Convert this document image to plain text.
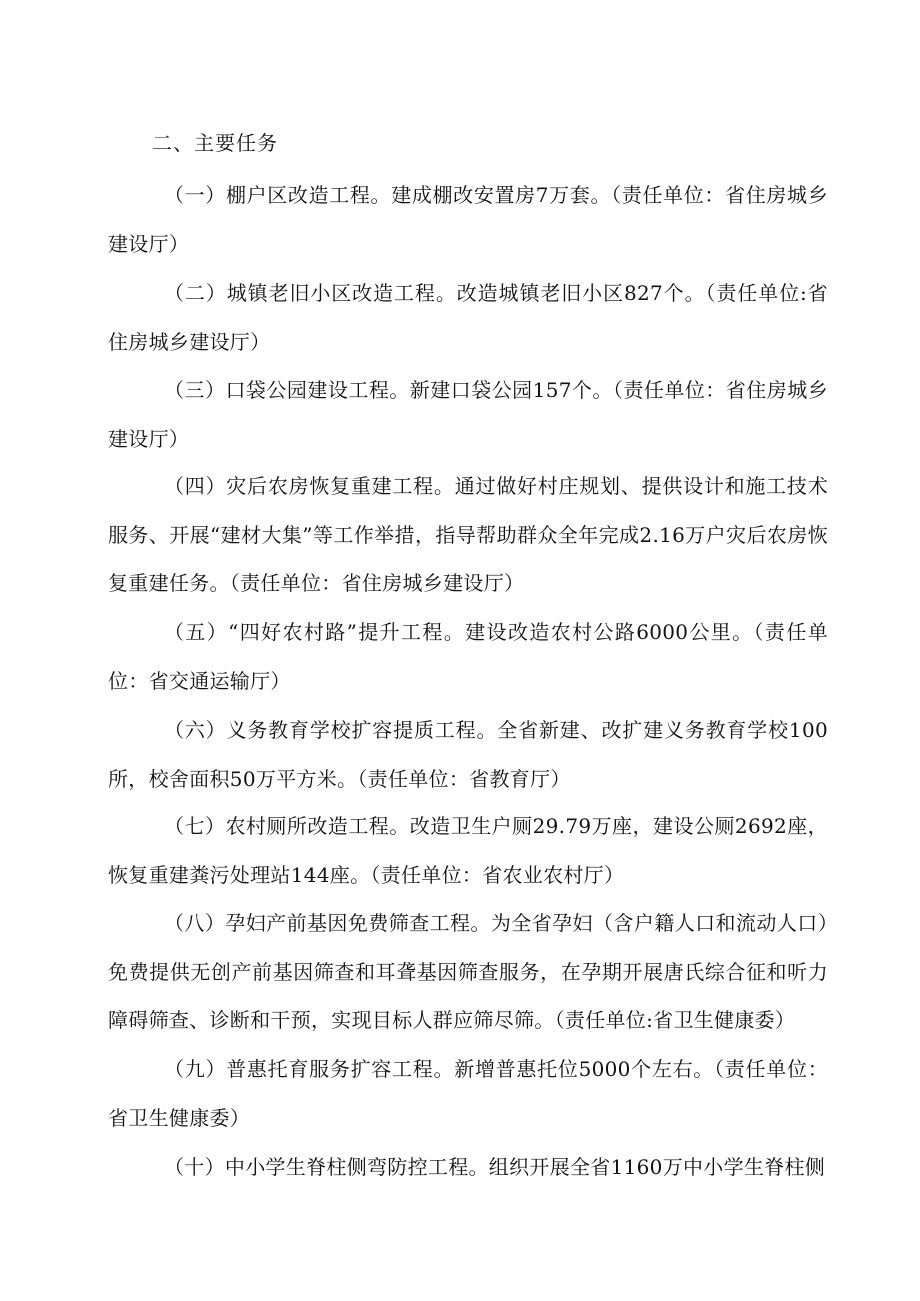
二、主要任务
（一）棚户区改造工程。建成棚改安置房7万套。（责任单位：省住房城乡建设厅）
（二）城镇老旧小区改造工程。改造城镇老旧小区827个。（责任单位:省住房城乡建设厅）
（三）口袋公园建设工程。新建口袋公园157个。（责任单位：省住房城乡建设厅）
（四）灾后农房恢复重建工程。通过做好村庄规划、提供设计和施工技术服务、开展“建材大集”等工作举措，指导帮助群众全年完成2.16万户灾后农房恢复重建任务。（责任单位：省住房城乡建设厅）
（五）“四好农村路”提升工程。建设改造农村公路6000公里。（责任单位：省交通运输厅）
（六）义务教育学校扩容提质工程。全省新建、改扩建义务教育学校100所，校舍面积50万平方米。（责任单位：省教育厅）
（七）农村厕所改造工程。改造卫生户厕29.79万座，建设公厕2692座，恢复重建粪污处理站144座。（责任单位：省农业农村厅）
（八）孕妇产前基因免费筛查工程。为全省孕妇（含户籍人口和流动人口）免费提供无创产前基因筛查和耳聋基因筛查服务，在孕期开展唐氏综合征和听力障碍筛查、诊断和干预，实现目标人群应筛尽筛。（责任单位:省卫生健康委）
（九）普惠托育服务扩容工程。新增普惠托位5000个左右。（责任单位：省卫生健康委）
（十）中小学生脊柱侧弯防控工程。组织开展全省1160万中小学生脊柱侧
